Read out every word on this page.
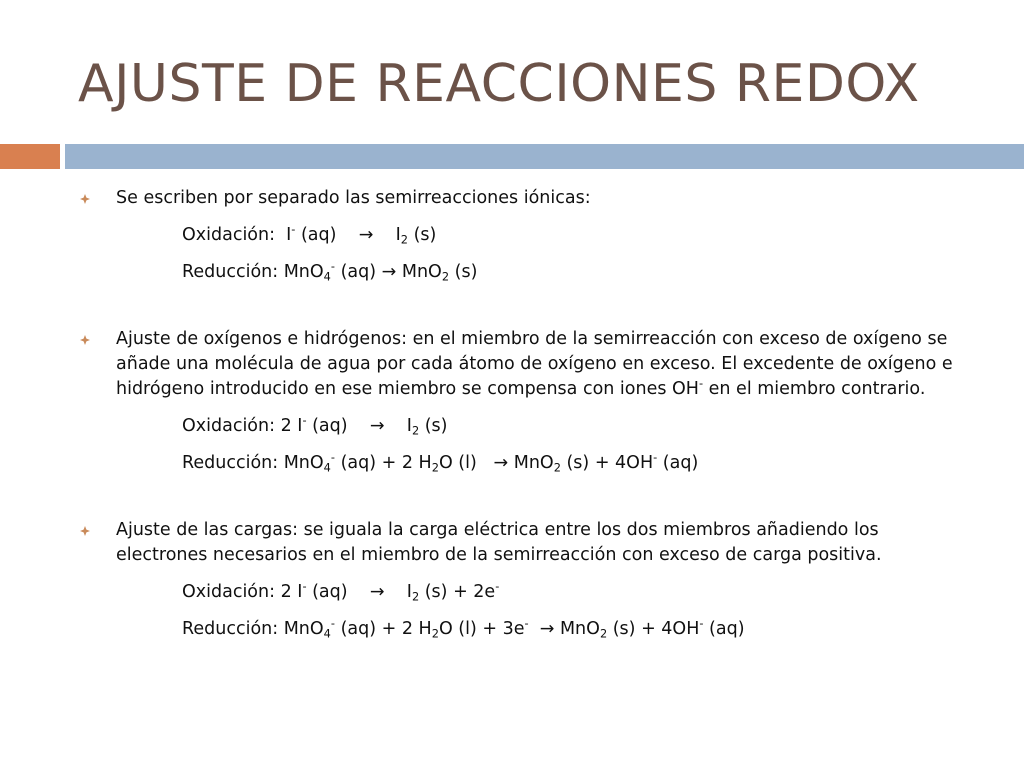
AJUSTE DE REACCIONES REDOX
Se escriben por separado las semirreacciones iónicas:
Oxidación:  I- (aq)    →    $I_2$ (s)
Reducción: MnO$_4$- (aq) → MnO$_2$ (s)
Ajuste de oxígenos e hidrógenos: en el miembro de la semirreacción con exceso de oxígeno se añade una molécula de agua por cada átomo de oxígeno en exceso. El excedente de oxígeno e hidrógeno introducido en ese miembro se compensa con iones OH- en el miembro contrario.
Oxidación: 2 I- (aq)    →    $I_2$ (s)
Reducción: MnO$_4$- (aq) + 2 $H_2O$ (l)   → MnO$_2$ (s) + 4OH- (aq)
Ajuste de las cargas: se iguala la carga eléctrica entre los dos miembros añadiendo los electrones necesarios en el miembro de la semirreacción con exceso de carga positiva.
Oxidación: 2 I- (aq)    →    $I_2$ (s) + 2e-
Reducción: MnO$_4$- (aq) + 2 $H_2O$ (l) + 3e-  → MnO$_2$ (s) + 4OH- (aq)
